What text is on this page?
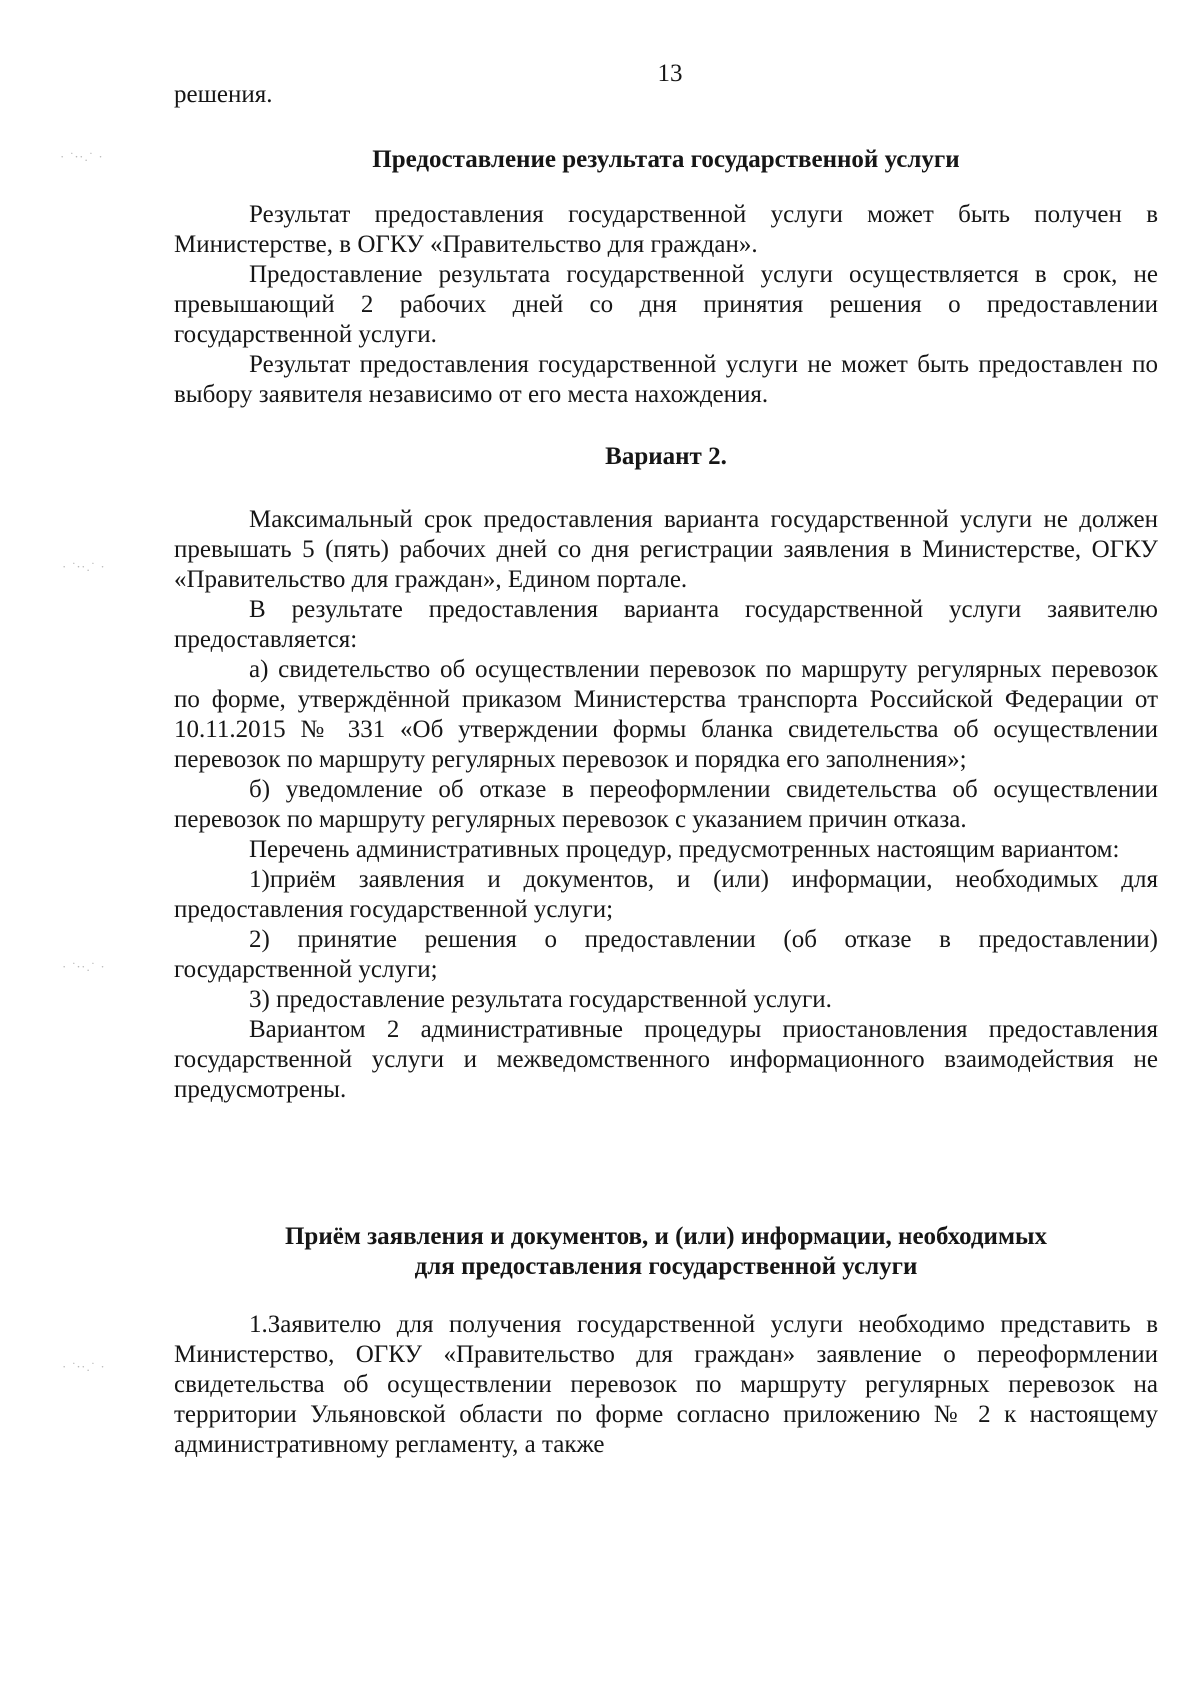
13

решения.

Предоставление результата государственной услуги

Результат предоставления государственной услуги может быть получен в Министерстве, в ОГКУ «Правительство для граждан».

Предоставление результата государственной услуги осуществляется в срок, не превышающий 2 рабочих дней со дня принятия решения о предоставлении государственной услуги.

Результат предоставления государственной услуги не может быть предоставлен по выбору заявителя независимо от его места нахождения.

Вариант 2.

Максимальный срок предоставления варианта государственной услуги не должен превышать 5 (пять) рабочих дней со дня регистрации заявления в Министерстве, ОГКУ «Правительство для граждан», Едином портале.

В результате предоставления варианта государственной услуги заявителю предоставляется:

а) свидетельство об осуществлении перевозок по маршруту регулярных перевозок по форме, утверждённой приказом Министерства транспорта Российской Федерации от 10.11.2015 № 331 «Об утверждении формы бланка свидетельства об осуществлении перевозок по маршруту регулярных перевозок и порядка его заполнения»;

б) уведомление об отказе в переоформлении свидетельства об осуществлении перевозок по маршруту регулярных перевозок с указанием причин отказа.

Перечень административных процедур, предусмотренных настоящим вариантом:

1)приём заявления и документов, и (или) информации, необходимых для предоставления государственной услуги;

2) принятие решения о предоставлении (об отказе в предоставлении) государственной услуги;

3) предоставление результата государственной услуги.

Вариантом 2 административные процедуры приостановления предоставления государственной услуги и межведомственного информационного взаимодействия не предусмотрены.

Приём заявления и документов, и (или) информации, необходимых
для предоставления государственной услуги

1.Заявителю для получения государственной услуги необходимо представить в Министерство, ОГКУ «Правительство для граждан» заявление о переоформлении свидетельства об осуществлении перевозок по маршруту регулярных перевозок на территории Ульяновской области по форме согласно приложению № 2 к настоящему административному регламенту, а также

· ˙∙·.˙ ·
· ˙∙·.˙ ·
· ˙∙·.˙ ·
· ˙∙·.˙ ·
